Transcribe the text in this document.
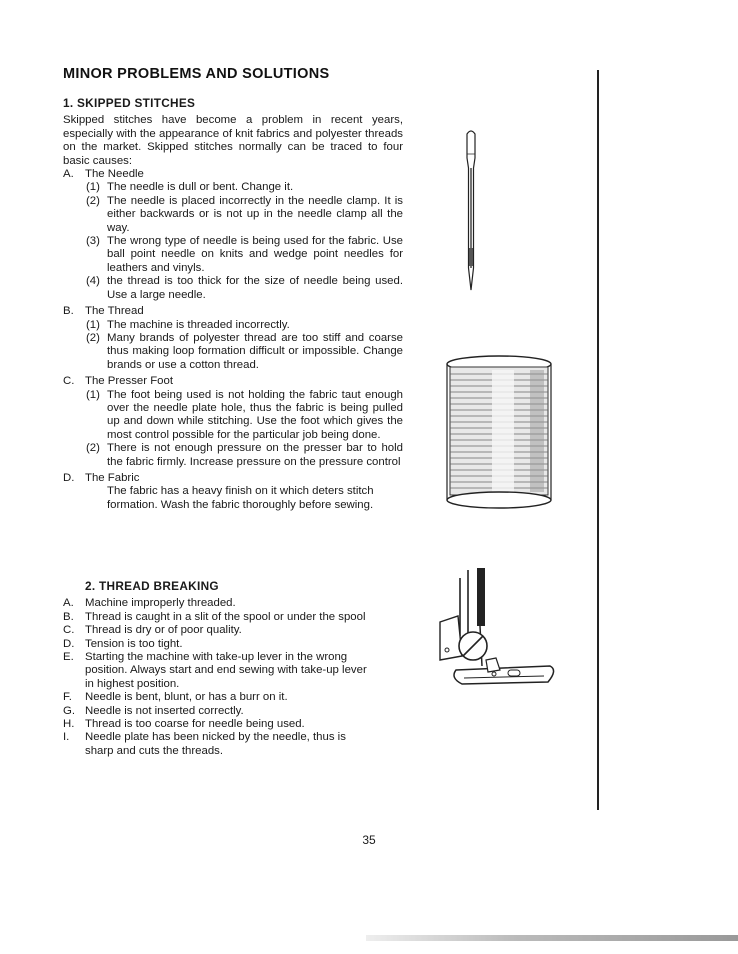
MINOR PROBLEMS AND SOLUTIONS
1. SKIPPED STITCHES

Skipped stitches have become a problem in recent years, especially with the appearance of knit fabrics and polyester threads on the market. Skipped stitches normally can be traced to four basic causes:

A. The Needle
(1) The needle is dull or bent. Change it.
(2) The needle is placed incorrectly in the needle clamp. It is either backwards or is not up in the needle clamp all the way.
(3) The wrong type of needle is being used for the fabric. Use ball point needle on knits and wedge point needles for leathers and vinyls.
(4) the thread is too thick for the size of needle being used. Use a large needle.
B. The Thread
(1) The machine is threaded incorrectly.
(2) Many brands of polyester thread are too stiff and coarse thus making loop formation difficult or impossible. Change brands or use a cotton thread.
C. The Presser Foot
(1) The foot being used is not holding the fabric taut enough over the needle plate hole, thus the fabric is being pulled up and down while stitching. Use the foot which gives the most control possible for the particular job being done.
(2) There is not enough pressure on the presser bar to hold the fabric firmly. Increase pressure on the pressure control
D. The Fabric

The fabric has a heavy finish on it which deters stitch formation. Wash the fabric thoroughly before sewing.

2. THREAD BREAKING
A. Machine improperly threaded.
B. Thread is caught in a slit of the spool or under the spool
C. Thread is dry or of poor quality.
D. Tension is too tight.
E. Starting the machine with take-up lever in the wrong position. Always start and end sewing with take-up lever in highest position.
F.	Needle is bent, blunt, or has a burr on it.
G. Needle is not inserted correctly.
H. Thread is too coarse for needle being used.
I.	Needle plate has been nicked by the needle, thus is sharp and cuts the threads.
35
